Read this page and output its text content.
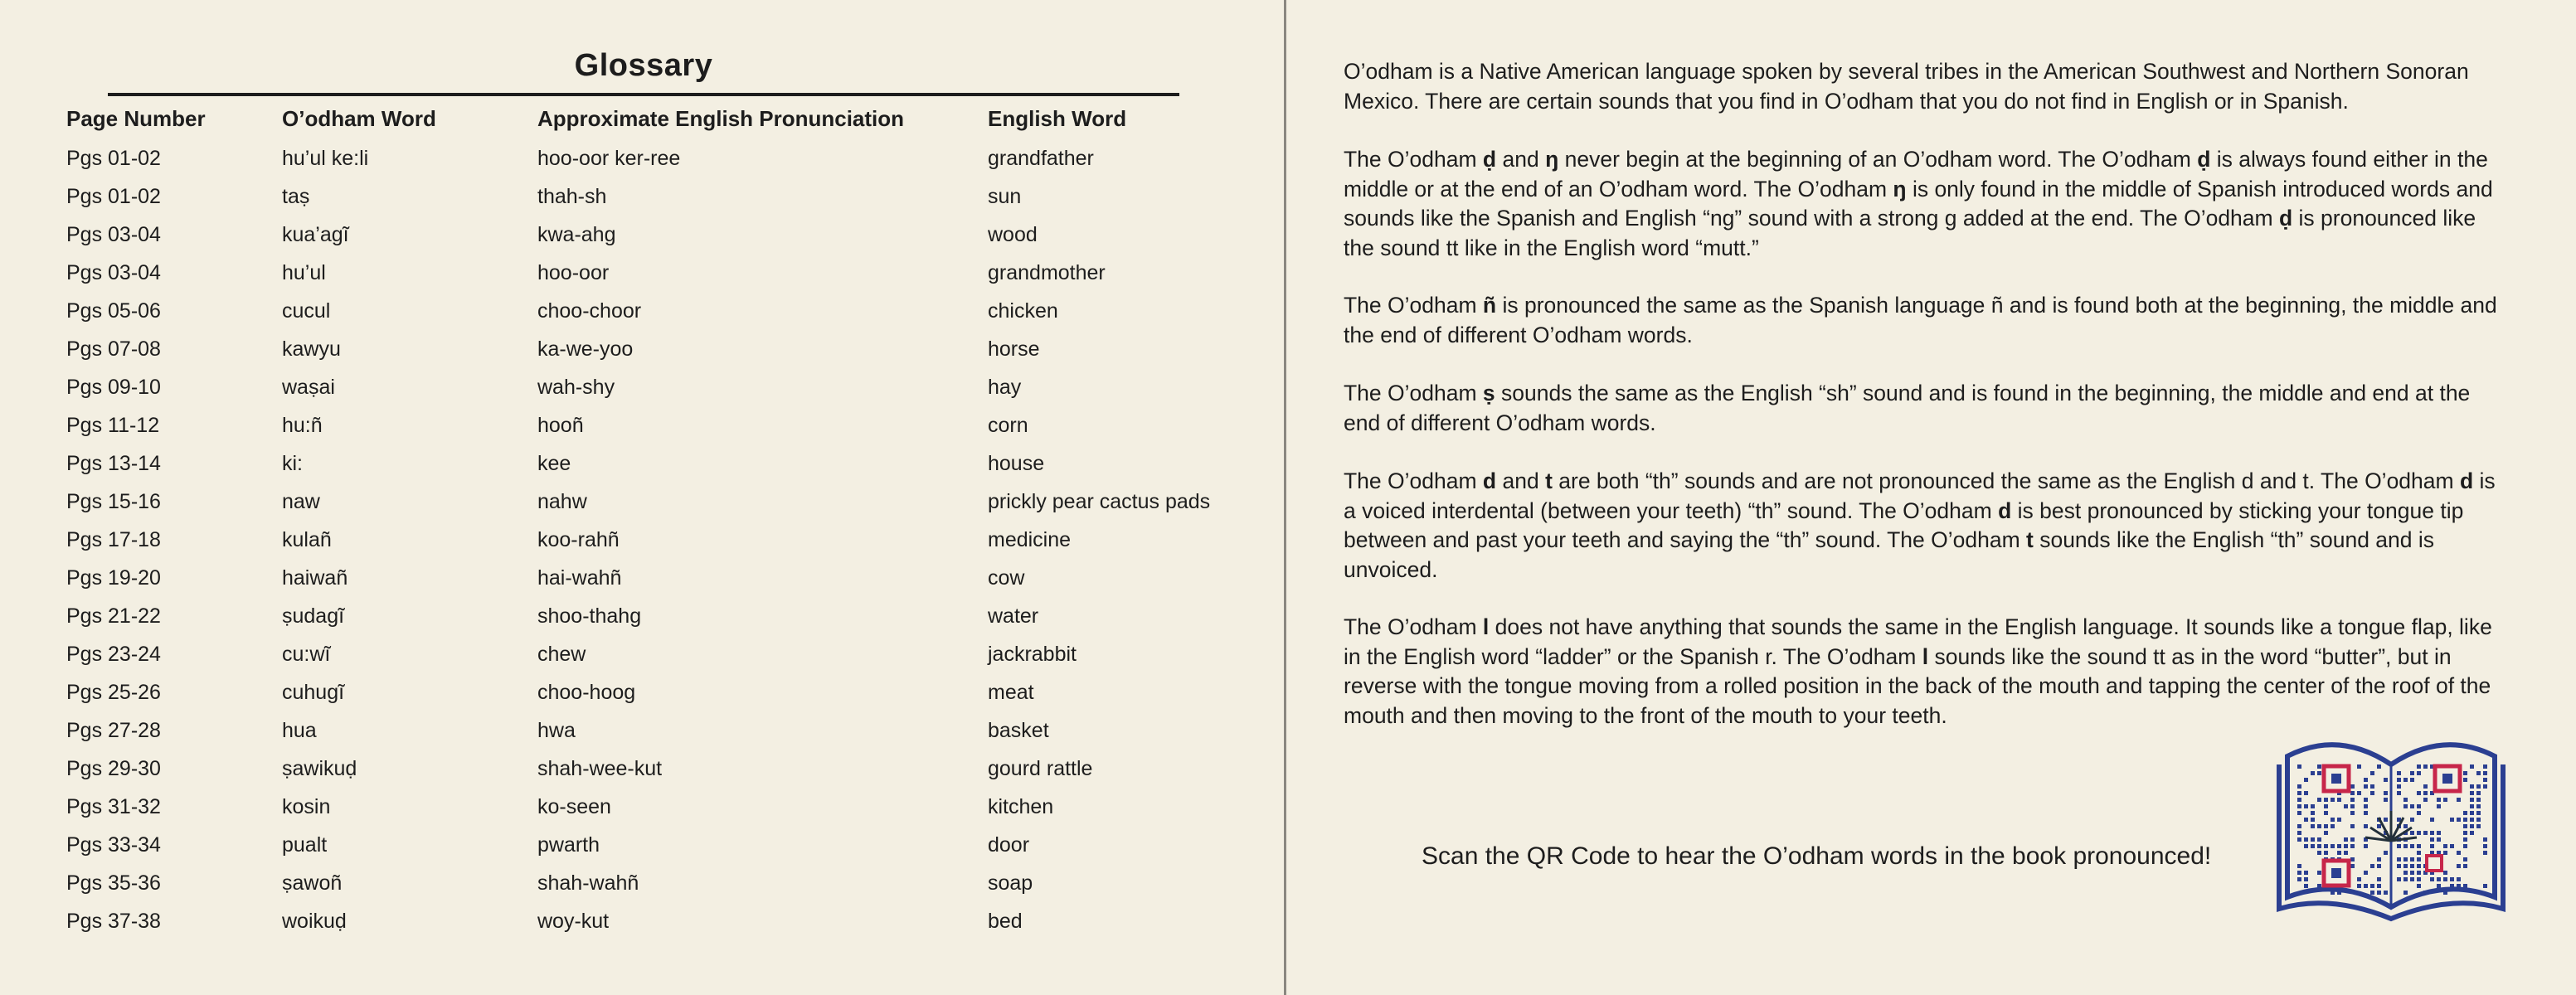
Glossary
Page Number	O’odham Word	Approximate English Pronunciation	English Word
Pgs 01-02	hu’ul ke:li	hoo-oor ker-ree	grandfather
Pgs 01-02	taṣ	thah-sh	sun
Pgs 03-04	kua’agĩ	kwa-ahg	wood
Pgs 03-04	hu’ul	hoo-oor	grandmother
Pgs 05-06	cucul	choo-choor	chicken
Pgs 07-08	kawyu	ka-we-yoo	horse
Pgs 09-10	waṣai	wah-shy	hay
Pgs 11-12	hu:ñ	hooñ	corn
Pgs 13-14	ki:	kee	house
Pgs 15-16	naw	nahw	prickly pear cactus pads
Pgs 17-18	kulañ	koo-rahñ	medicine
Pgs 19-20	haiwañ	hai-wahñ	cow
Pgs 21-22	ṣudagĩ	shoo-thahg	water
Pgs 23-24	cu:wĩ	chew	jackrabbit
Pgs 25-26	cuhugĩ	choo-hoog	meat
Pgs 27-28	hua	hwa	basket
Pgs 29-30	ṣawikuḍ	shah-wee-kut	gourd rattle
Pgs 31-32	kosin	ko-seen	kitchen
Pgs 33-34	pualt	pwarth	door
Pgs 35-36	ṣawoñ	shah-wahñ	soap
Pgs 37-38	woikuḍ	woy-kut	bed

O’odham is a Native American language spoken by several tribes in the American Southwest and Northern Sonoran Mexico. There are certain sounds that you find in O’odham that you do not find in English or in Spanish.

The O’odham ḍ and ŋ never begin at the beginning of an O’odham word. The O’odham ḍ is always found either in the middle or at the end of an O’odham word. The O’odham ŋ is only found in the middle of Spanish introduced words and sounds like the Spanish and English “ng” sound with a strong g added at the end. The O’odham ḍ is pronounced like the sound tt like in the English word “mutt.”

The O’odham ñ is pronounced the same as the Spanish language ñ and is found both at the beginning, the middle and the end of different O’odham words.

The O’odham ṣ sounds the same as the English “sh” sound and is found in the beginning, the middle and end at the end of different O’odham words.

The O’odham d and t are both “th” sounds and are not pronounced the same as the English d and t. The O’odham d is a voiced interdental (between your teeth) “th” sound. The O’odham d is best pronounced by sticking your tongue tip between and past your teeth and saying the “th” sound. The O’odham t sounds like the English “th” sound and is unvoiced.

The O’odham l does not have anything that sounds the same in the English language. It sounds like a tongue flap, like in the English word “ladder” or the Spanish r. The O’odham l sounds like the sound tt as in the word “butter”, but in reverse with the tongue moving from a rolled position in the back of the mouth and tapping the center of the roof of the mouth and then moving to the front of the mouth to your teeth.

Scan the QR Code to hear the O’odham words in the book pronounced!
